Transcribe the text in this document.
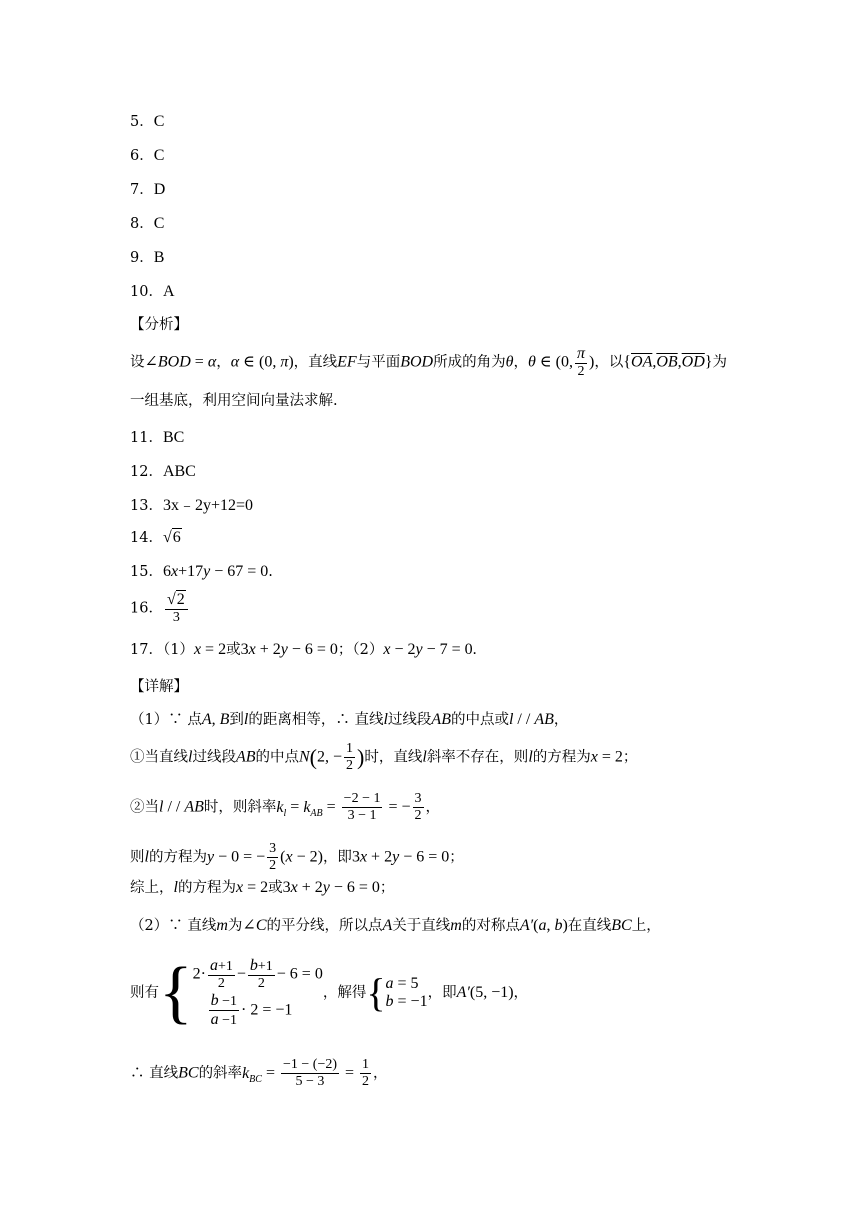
5．C
6．C
7．D
8．C
9．B
10．A
【分析】
设∠BOD = α，α ∈ (0, π)，直线EF与平面BOD所成的角为θ，θ ∈ (0, $\frac{\pi}{2}$ )，以$\{\overline{OA},\overline{OB},\overline{OD}\}$为
一组基底，利用空间向量法求解.
11．BC
12．ABC
13．3x﹣2y+12=0
14．√6
15．6x+17y − 67 = 0.
16． $\frac{√2}{3}$
17．（1）x = 2或3x + 2y − 6 = 0；（2）x − 2y − 7 = 0.
【详解】
（1）∵ 点A, B到l的距离相等，∴ 直线l过线段AB的中点或l / / AB，
①当直线l过线段AB的中点N(2, − $\frac{1}{2}$ )时，直线l斜率不存在，则l的方程为x = 2；
②当l / / AB时，则斜率$k_l = k_{AB} = \frac{-2 - 1}{3 - 1}$ = − $\frac{3}{2}$ ，
则l的方程为y − 0 = − $\frac{3}{2} (x - 2)$，即3x + 2y − 6 = 0；
综上，l的方程为x = 2或3x + 2y − 6 = 0；
（2）∵ 直线m为∠C的平分线，所以点A关于直线m的对称点A′(a, b)在直线BC上，
则有{ $2\cdot \frac{a+1}{2} - \frac{b+1}{2} - 6 = 0$
$\frac{b -1}{a -1} \cdot 2 = -1$
，解得{ a = 5
b = −1 ，即A′(5, −1)，
∴ 直线BC的斜率$k_{BC} = \frac{-1 - (-2)}{5 - 3} = \frac{1}{2}$ ，
